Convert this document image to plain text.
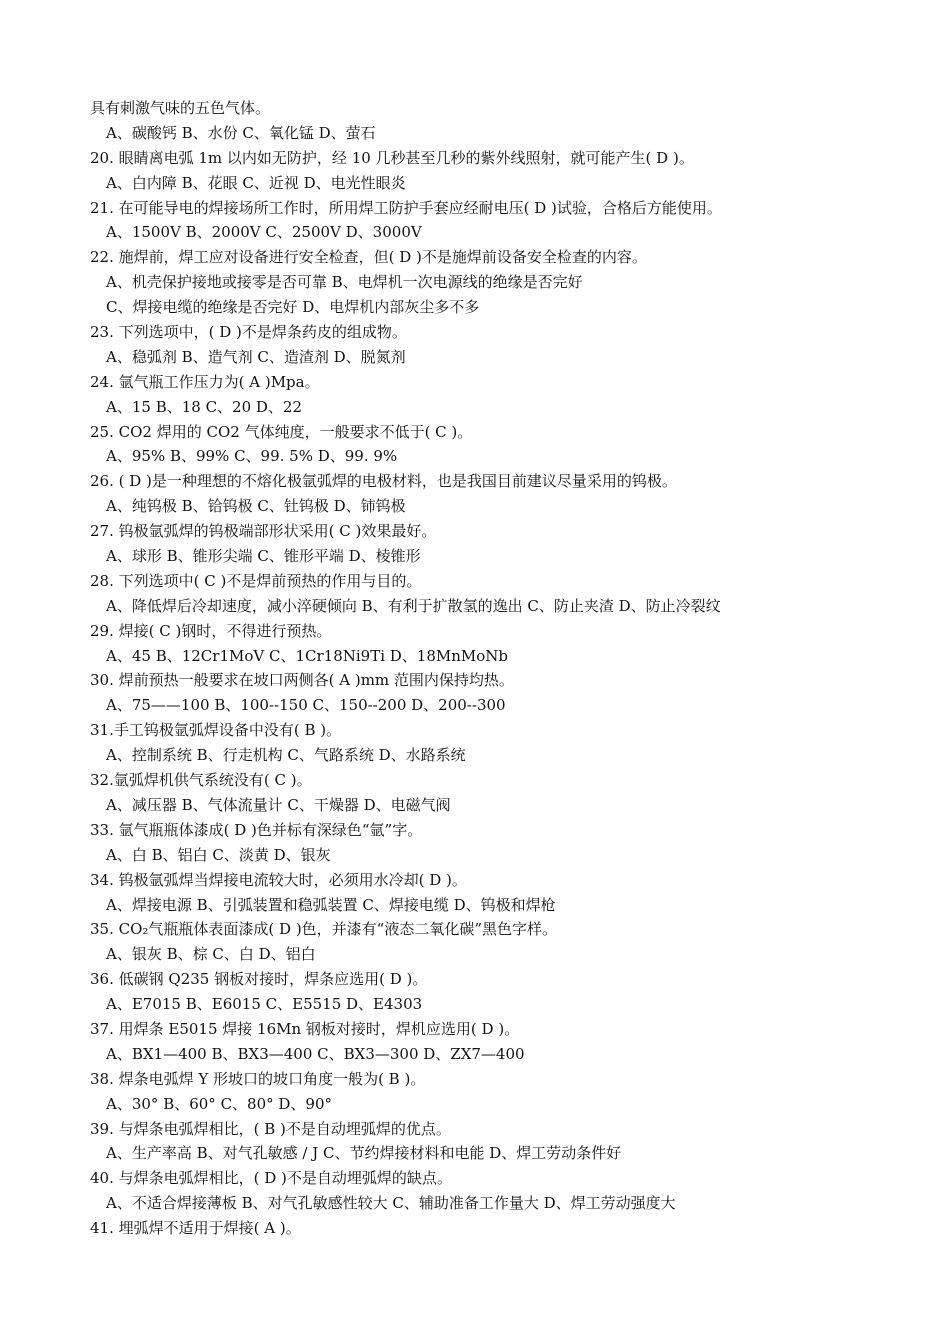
具有刺激气味的五色气体。
A、碳酸钙 B、水份 C、氧化锰 D、萤石
20. 眼睛离电弧 1m 以内如无防护，经 10 几秒甚至几秒的紫外线照射，就可能产生( D )。
A、白内障 B、花眼 C、近视 D、电光性眼炎
21. 在可能导电的焊接场所工作时，所用焊工防护手套应经耐电压( D )试验，合格后方能使用。
A、1500V B、2000V C、2500V D、3000V
22. 施焊前，焊工应对设备进行安全检查，但( D )不是施焊前设备安全检查的内容。
A、机壳保护接地或接零是否可靠 B、电焊机一次电源线的绝缘是否完好
C、焊接电缆的绝缘是否完好 D、电焊机内部灰尘多不多
23. 下列选项中，( D )不是焊条药皮的组成物。
A、稳弧剂 B、造气剂 C、造渣剂 D、脱氮剂
24. 氩气瓶工作压力为( A )Mpa。
A、15 B、18 C、20 D、22
25. CO2 焊用的 CO2 气体纯度，一般要求不低于( C )。
A、95% B、99% C、99. 5% D、99. 9%
26. ( D )是一种理想的不熔化极氩弧焊的电极材料，也是我国目前建议尽量采用的钨极。
A、纯钨极 B、铪钨极 C、钍钨极 D、铈钨极
27. 钨极氩弧焊的钨极端部形状采用( C )效果最好。
A、球形 B、锥形尖端 C、锥形平端 D、棱锥形
28. 下列选项中( C )不是焊前预热的作用与目的。
A、降低焊后冷却速度，减小淬硬倾向 B、有利于扩散氢的逸出 C、防止夹渣 D、防止冷裂纹
29. 焊接( C )钢时，不得进行预热。
A、45 B、12Cr1MoV C、1Cr18Ni9Ti D、18MnMoNb
30. 焊前预热一般要求在坡口两侧各( A )mm 范围内保持均热。
A、75——100 B、100--150 C、150--200 D、200--300
31.手工钨极氩弧焊设备中没有( B )。
A、控制系统 B、行走机构 C、气路系统 D、水路系统
32.氩弧焊机供气系统没有( C )。
A、减压器 B、气体流量计 C、干燥器 D、电磁气阀
33. 氩气瓶瓶体漆成( D )色并标有深绿色“氩”字。
A、白 B、铝白 C、淡黄 D、银灰
34. 钨极氩弧焊当焊接电流较大时，必须用水冷却( D )。
A、焊接电源 B、引弧装置和稳弧装置 C、焊接电缆 D、钨极和焊枪
35. CO₂气瓶瓶体表面漆成( D )色，并漆有“液态二氧化碳”黑色字样。
A、银灰 B、棕 C、白 D、铝白
36. 低碳钢 Q235 钢板对接时，焊条应选用( D )。
A、E7015 B、E6015 C、E5515 D、E4303
37. 用焊条 E5015 焊接 16Mn 钢板对接时，焊机应选用( D )。
A、BX1—400 B、BX3—400 C、BX3—300 D、ZX7—400
38. 焊条电弧焊 Y 形坡口的坡口角度一般为( B )。
A、30° B、60° C、80° D、90°
39. 与焊条电弧焊相比，( B )不是自动埋弧焊的优点。
A、生产率高 B、对气孔敏感 / J C、节约焊接材料和电能 D、焊工劳动条件好
40. 与焊条电弧焊相比，( D )不是自动埋弧焊的缺点。
A、不适合焊接薄板 B、对气孔敏感性较大 C、辅助准备工作量大 D、焊工劳动强度大
41. 埋弧焊不适用于焊接( A )。
